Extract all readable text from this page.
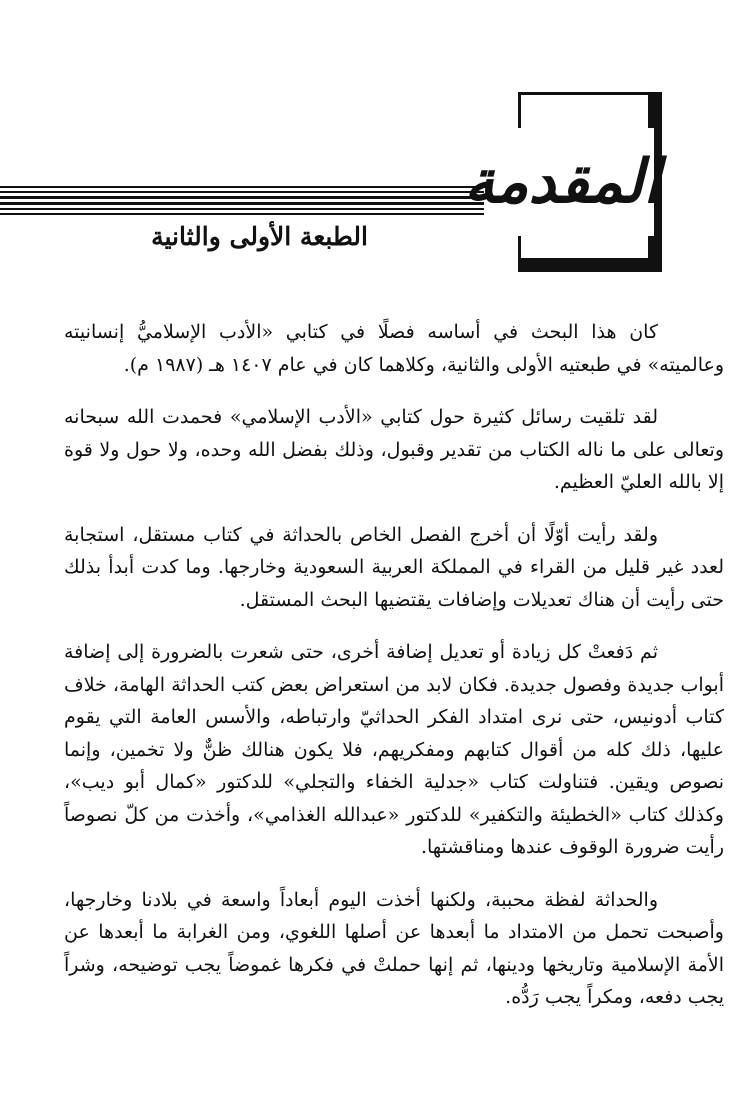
المقدمة
الطبعة الأولى والثانية

كان هذا البحث في أساسه فصلًا في كتابي «الأدب الإسلاميُّ إنسانيته وعالميته» في طبعتيه الأولى والثانية، وكلاهما كان في عام ١٤٠٧ هـ (١٩٨٧ م).

لقد تلقيت رسائل كثيرة حول كتابي «الأدب الإسلامي» فحمدت الله سبحانه وتعالى على ما ناله الكتاب من تقدير وقبول، وذلك بفضل الله وحده، ولا حول ولا قوة إلا بالله العليّ العظيم.

ولقد رأيت أوّلًا أن أخرج الفصل الخاص بالحداثة في كتاب مستقل، استجابة لعدد غير قليل من القراء في المملكة العربية السعودية وخارجها. وما كدت أبدأ بذلك حتى رأيت أن هناك تعديلات وإضافات يقتضيها البحث المستقل.

ثم دَفعتْ كل زيادة أو تعديل إضافة أخرى، حتى شعرت بالضرورة إلى إضافة أبواب جديدة وفصول جديدة. فكان لابد من استعراض بعض كتب الحداثة الهامة، خلاف كتاب أدونيس، حتى نرى امتداد الفكر الحداثيّ وارتباطه، والأسس العامة التي يقوم عليها، ذلك كله من أقوال كتابهم ومفكريهم، فلا يكون هنالك ظنٌّ ولا تخمين، وإنما نصوص ويقين. فتناولت كتاب «جدلية الخفاء والتجلي» للدكتور «كمال أبو ديب»، وكذلك كتاب «الخطيئة والتكفير» للدكتور «عبدالله الغذامي»، وأخذت من كلّ نصوصاً رأيت ضرورة الوقوف عندها ومناقشتها.

والحداثة لفظة محببة، ولكنها أخذت اليوم أبعاداً واسعة في بلادنا وخارجها، وأصبحت تحمل من الامتداد ما أبعدها عن أصلها اللغوي، ومن الغرابة ما أبعدها عن الأمة الإسلامية وتاريخها ودينها، ثم إنها حملتْ في فكرها غموضاً يجب توضيحه، وشراً يجب دفعه، ومكراً يجب رَدُّه.
